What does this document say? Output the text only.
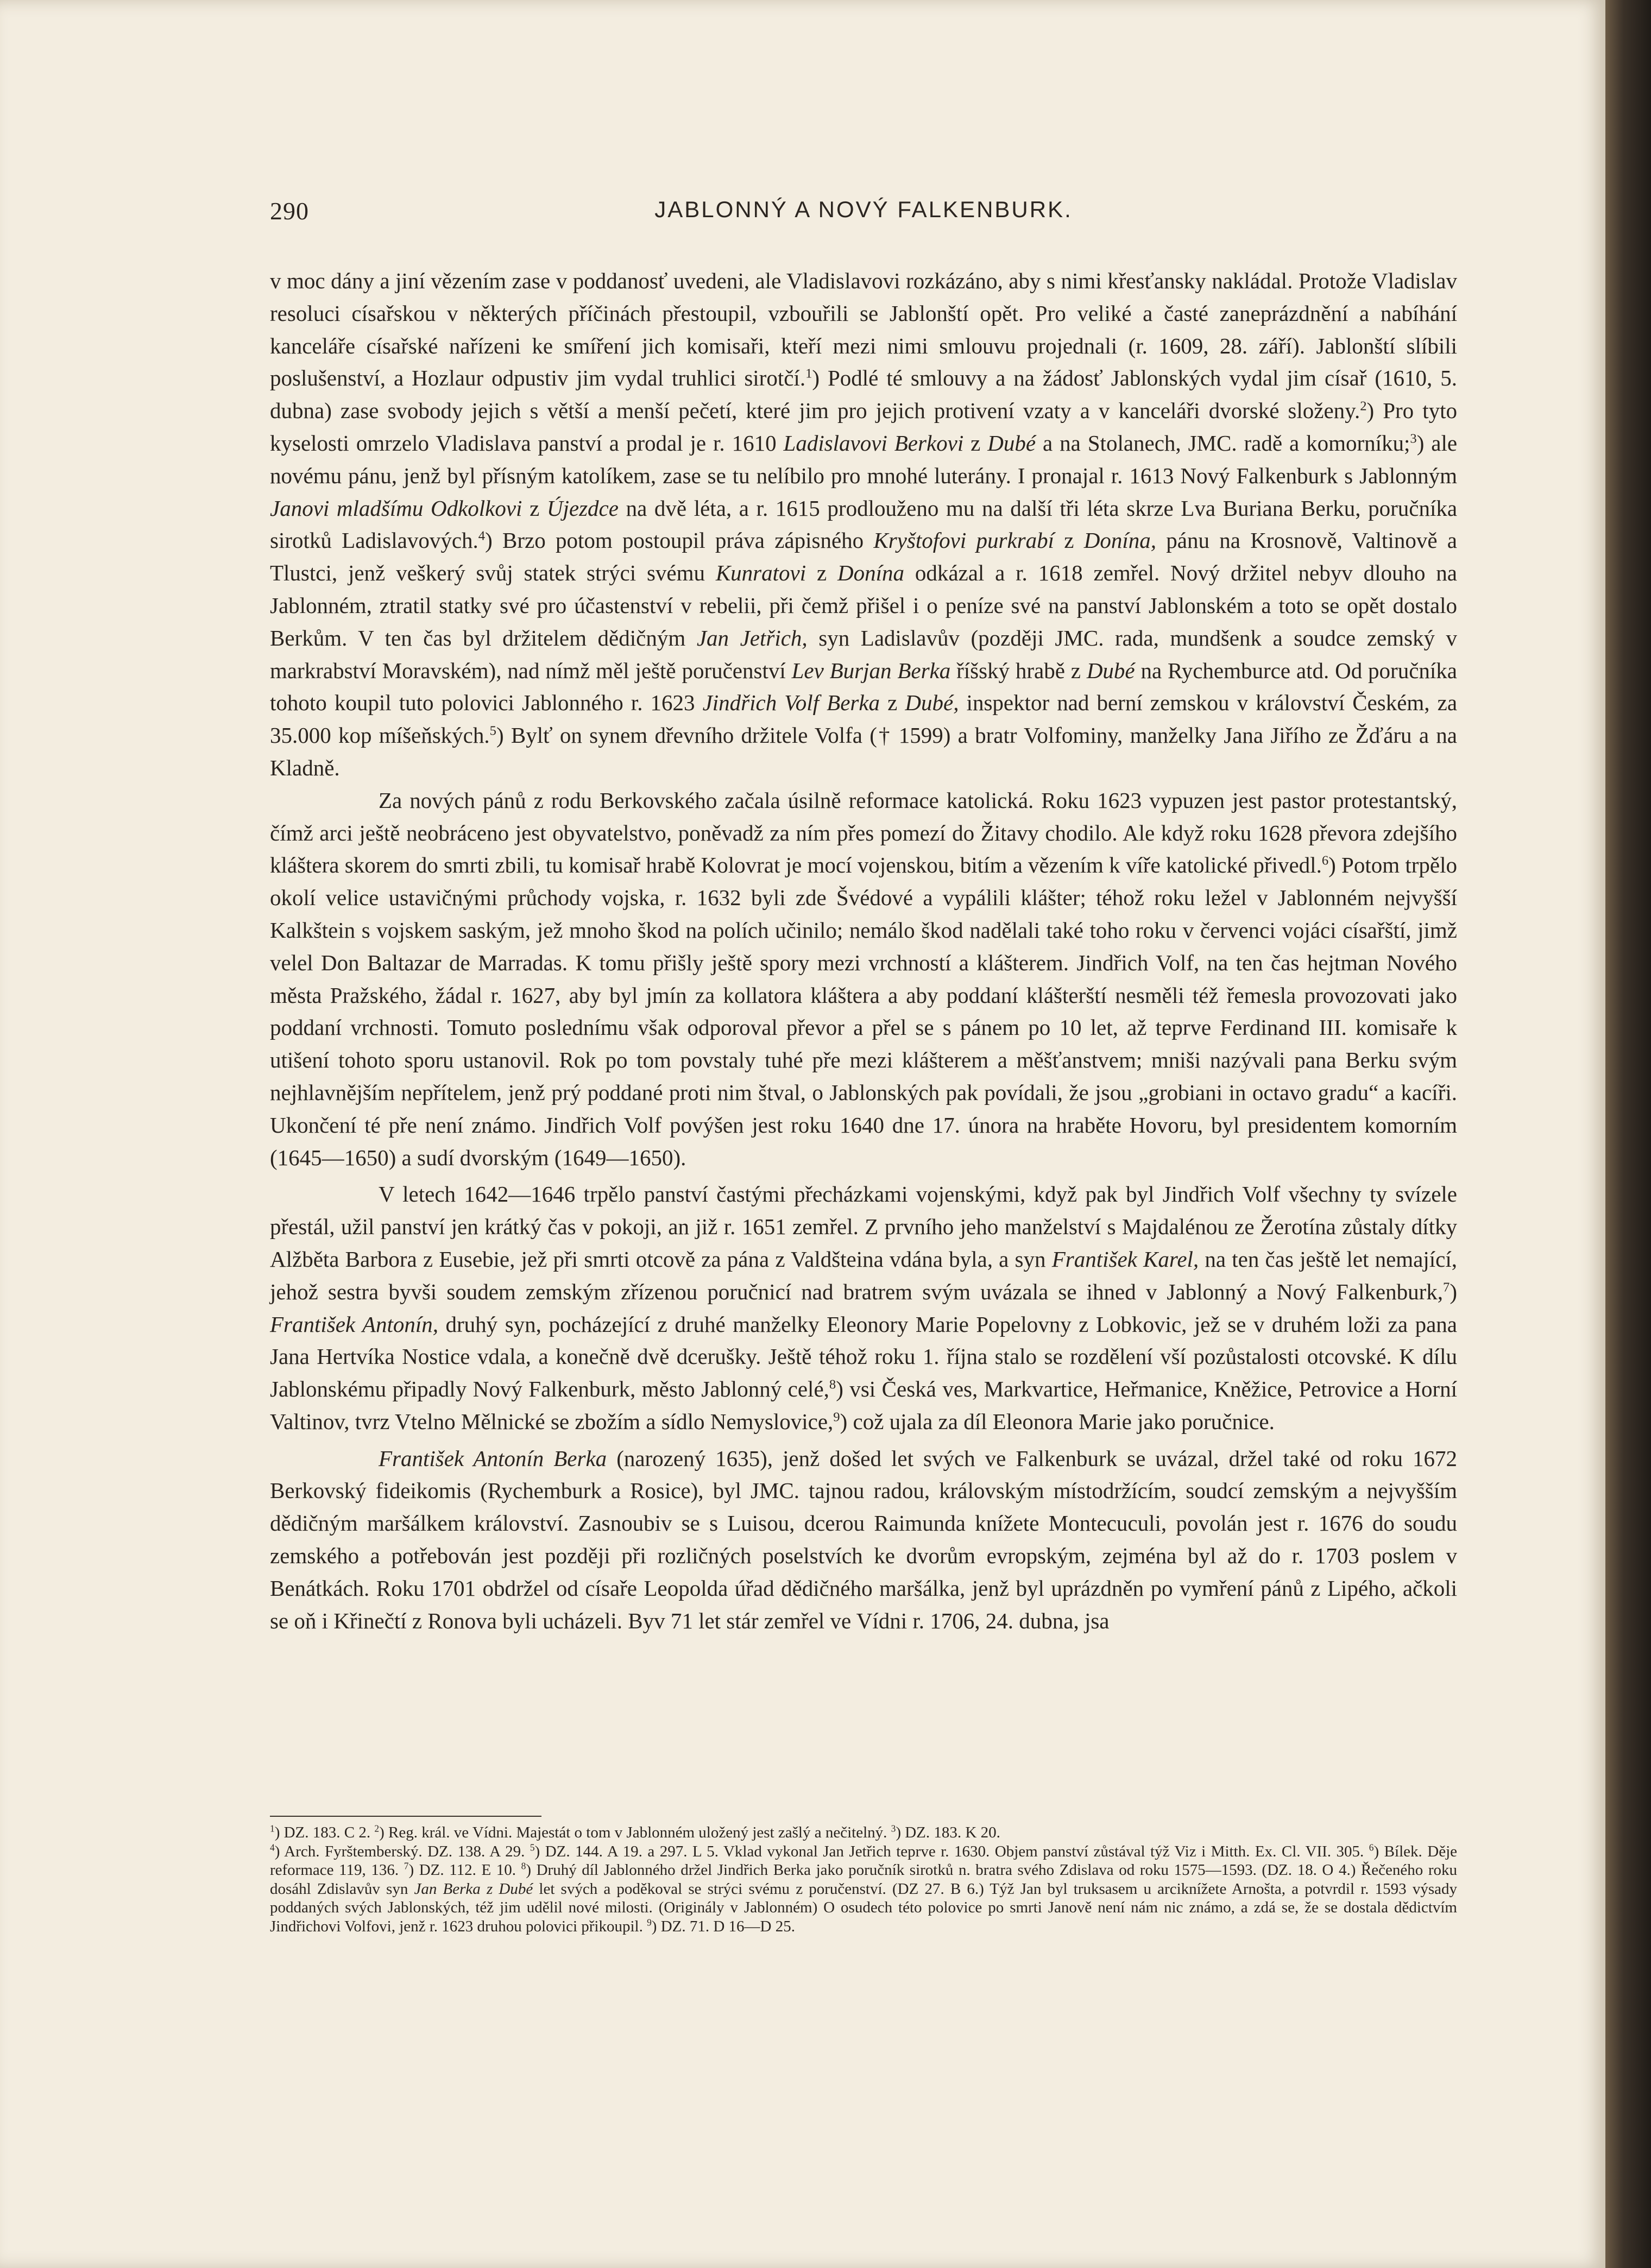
290	JABLONNÝ A NOVÝ FALKENBURK.

v moc dány a jiní vězením zase v poddanosť uvedeni, ale Vladislavovi rozkázáno, aby s nimi křesťansky nakládal. Protože Vladislav resoluci císařskou v některých příčinách přestoupil, vzbouřili se Jablonští opět. Pro veliké a časté zaneprázdnění a nabíhání kanceláře císařské nařízeni ke smíření jich komisaři, kteří mezi nimi smlouvu projednali (r. 1609, 28. září). Jablonští slíbili poslušenství, a Hozlaur odpustiv jim vydal truhlici sirotčí.$^1$) Podlé té smlouvy a na žádosť Jablonských vydal jim císař (1610, 5. dubna) zase svobody jejich s větší a menší pečetí, které jim pro jejich protivení vzaty a v kanceláři dvorské složeny.$^2$) Pro tyto kyselosti omrzelo Vladislava panství a prodal je r. 1610 Ladislavovi Berkovi z Dubé a na Stolanech, JMC. radě a komorníku;$^3$) ale novému pánu, jenž byl přísným katolíkem, zase se tu nelíbilo pro mnohé luterány. I pronajal r. 1613 Nový Falkenburk s Jablonným Janovi mladšímu Odkolkovi z Újezdce na dvě léta, a r. 1615 prodlouženo mu na další tři léta skrze Lva Buriana Berku, poručníka sirotků Ladislavových.$^4$) Brzo potom postoupil práva zápisného Kryštofovi purkrabí z Donína, pánu na Krosnově, Valtinově a Tlustci, jenž veškerý svůj statek strýci svému Kunratovi z Donína odkázal a r. 1618 zemřel. Nový držitel nebyv dlouho na Jablonném, ztratil statky své pro účastenství v rebelii, při čemž přišel i o peníze své na panství Jablonském a toto se opět dostalo Berkům. V ten čas byl držitelem dědičným Jan Jetřich, syn Ladislavův (později JMC. rada, mundšenk a soudce zemský v markrabství Moravském), nad nímž měl ještě poručenství Lev Burjan Berka říšský hrabě z Dubé na Rychemburce atd. Od poručníka tohoto koupil tuto polovici Jablonného r. 1623 Jindřich Volf Berka z Dubé, inspektor nad berní zemskou v království Českém, za 35.000 kop míšeňských.$^5$) Bylť on synem dřevního držitele Volfa († 1599) a bratr Volfominy, manželky Jana Jiřího ze Žďáru a na Kladně.

Za nových pánů z rodu Berkovského začala úsilně reformace katolická. Roku 1623 vypuzen jest pastor protestantský, čímž arci ještě neobráceno jest obyvatelstvo, poněvadž za ním přes pomezí do Žitavy chodilo. Ale když roku 1628 převora zdejšího kláštera skorem do smrti zbili, tu komisař hrabě Kolovrat je mocí vojenskou, bitím a vězením k víře katolické přivedl.$^6$) Potom trpělo okolí velice ustavičnými průchody vojska, r. 1632 byli zde Švédové a vypálili klášter; téhož roku ležel v Jablonném nejvyšší Kalkštein s vojskem saským, jež mnoho škod na polích učinilo; nemálo škod nadělali také toho roku v červenci vojáci císařští, jimž velel Don Baltazar de Marradas. K tomu přišly ještě spory mezi vrchností a klášterem. Jindřich Volf, na ten čas hejtman Nového města Pražského, žádal r. 1627, aby byl jmín za kollatora kláštera a aby poddaní klášterští nesměli též řemesla provozovati jako poddaní vrchnosti. Tomuto poslednímu však odporoval převor a přel se s pánem po 10 let, až teprve Ferdinand III. komisaře k utišení tohoto sporu ustanovil. Rok po tom povstaly tuhé pře mezi klášterem a měšťanstvem; mniši nazývali pana Berku svým nejhlavnějším nepřítelem, jenž prý poddané proti nim štval, o Jablonských pak povídali, že jsou „grobiani in octavo gradu“ a kacíři. Ukončení té pře není známo. Jindřich Volf povýšen jest roku 1640 dne 17. února na hraběte Hovoru, byl presidentem komorním (1645—1650) a sudí dvorským (1649—1650).

V letech 1642—1646 trpělo panství častými přecházkami vojenskými, když pak byl Jindřich Volf všechny ty svízele přestál, užil panství jen krátký čas v pokoji, an již r. 1651 zemřel. Z prvního jeho manželství s Majdalénou ze Žerotína zůstaly dítky Alžběta Barbora z Eusebie, jež při smrti otcově za pána z Valdšteina vdána byla, a syn František Karel, na ten čas ještě let nemající, jehož sestra byvši soudem zemským zřízenou poručnicí nad bratrem svým uvázala se ihned v Jablonný a Nový Falkenburk,$^7$) František Antonín, druhý syn, pocházející z druhé manželky Eleonory Marie Popelovny z Lobkovic, jež se v druhém loži za pana Jana Hertvíka Nostice vdala, a konečně dvě dcerušky. Ještě téhož roku 1. října stalo se rozdělení vší pozůstalosti otcovské. K dílu Jablonskému připadly Nový Falkenburk, město Jablonný celé,$^8$) vsi Česká ves, Markvartice, Heřmanice, Kněžice, Petrovice a Horní Valtinov, tvrz Vtelno Mělnické se zbožím a sídlo Nemyslovice,$^9$) což ujala za díl Eleonora Marie jako poručnice.

František Antonín Berka (narozený 1635), jenž došed let svých ve Falkenburk se uvázal, držel také od roku 1672 Berkovský fideikomis (Rychemburk a Rosice), byl JMC. tajnou radou, královským místodržícím, soudcí zemským a nejvyšším dědičným maršálkem království. Zasnoubiv se s Luisou, dcerou Raimunda knížete Montecuculi, povolán jest r. 1676 do soudu zemského a potřebován jest později při rozličných poselstvích ke dvorům evropským, zejména byl až do r. 1703 poslem v Benátkách. Roku 1701 obdržel od císaře Leopolda úřad dědičného maršálka, jenž byl uprázdněn po vymření pánů z Lipého, ačkoli se oň i Křinečtí z Ronova byli ucházeli. Byv 71 let stár zemřel ve Vídni r. 1706, 24. dubna, jsa

$^1$) DZ. 183. C 2. $^2$) Reg. král. ve Vídni. Majestát o tom v Jablonném uložený jest zašlý a nečitelný. $^3$) DZ. 183. K 20.

$^4$) Arch. Fyrštemberský. DZ. 138. A 29. $^5$) DZ. 144. A 19. a 297. L 5. Vklad vykonal Jan Jetřich teprve r. 1630. Objem panství zůstával týž Viz i Mitth. Ex. Cl. VII. 305. $^6$) Bílek. Děje reformace 119, 136. $^7$) DZ. 112. E 10. $^8$) Druhý díl Jablonného držel Jindřich Berka jako poručník sirotků n. bratra svého Zdislava od roku 1575—1593. (DZ. 18. O 4.) Řečeného roku dosáhl Zdislavův syn Jan Berka z Dubé let svých a poděkoval se strýci svému z poručenství. (DZ 27. B 6.) Týž Jan byl truksasem u arciknížete Arnošta, a potvrdil r. 1593 výsady poddaných svých Jablonských, též jim udělil nové milosti. (Originály v Jablonném) O osudech této polovice po smrti Janově není nám nic známo, a zdá se, že se dostala dědictvím Jindřichovi Volfovi, jenž r. 1623 druhou polovici přikoupil. $^9$) DZ. 71. D 16—D 25.
